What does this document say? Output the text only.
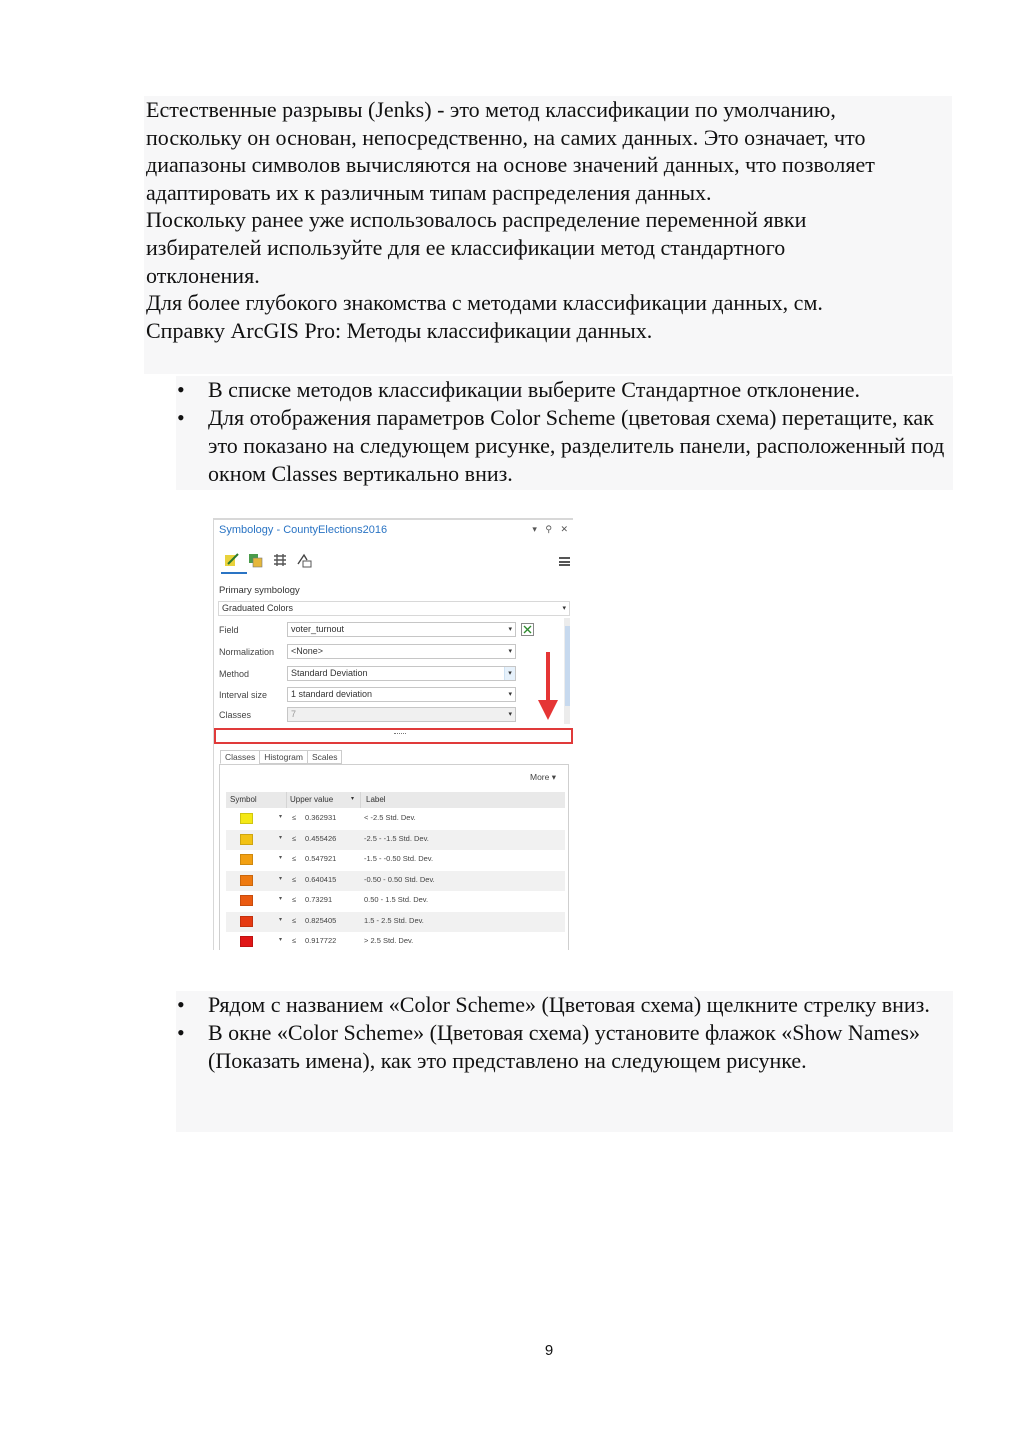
Естественные разрывы (Jenks) - это метод классификации по умолчанию,

поскольку он основан, непосредственно, на самих данных. Это означает, что

диапазоны символов вычисляются на основе значений данных, что позволяет

адаптировать их к различным типам распределения данных.

Поскольку ранее уже использовалось распределение переменной явки

избирателей используйте для ее классификации метод стандартного

отклонения.

Для более глубокого знакомства с методами классификации данных, см.

Справку ArcGIS Pro: Методы классификации данных.

• В списке методов классификации выберите Стандартное отклонение.
• Для отображения параметров Color Scheme (цветовая схема) перетащите, как это показано на следующем рисунке, разделитель панели, расположенный под окном Classes вертикально вниз.
Symbology - CountyElections2016	▾ ⚲ ✕
Primary symbology
Graduated Colors	▾
Field	voter_turnout	▾
Normalization	<None>	▾
Method	Standard Deviation	▾
Interval size	1 standard deviation	▾
Classes	7	▾
Classes Histogram Scales
More ▾
Symbol	Upper value	▾ Label
▾ ≤ 0.362931	< -2.5 Std. Dev.
▾ ≤ 0.455426	-2.5 - -1.5 Std. Dev.
▾ ≤ 0.547921	-1.5 - -0.50 Std. Dev.
▾ ≤ 0.640415	-0.50 - 0.50 Std. Dev.
▾ ≤ 0.73291	0.50 - 1.5 Std. Dev.
▾ ≤ 0.825405	1.5 - 2.5 Std. Dev.
▾ ≤ 0.917722	> 2.5 Std. Dev.
• Рядом с названием «Color Scheme» (Цветовая схема) щелкните стрелку вниз.
• В окне «Color Scheme» (Цветовая схема) установите флажок «Show Names» (Показать имена), как это представлено на следующем рисунке.
9
